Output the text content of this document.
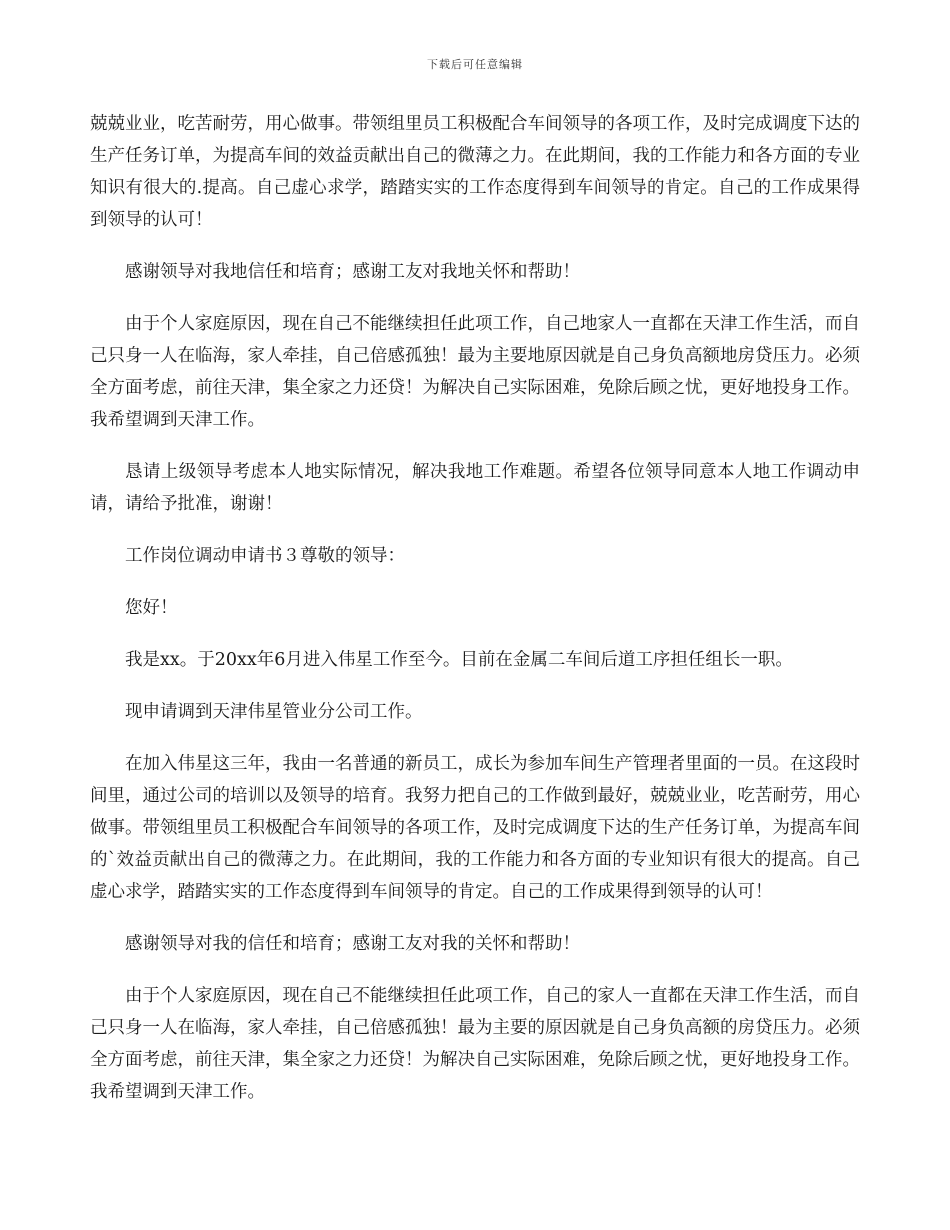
下载后可任意编辑

兢兢业业，吃苦耐劳，用心做事。带领组里员工积极配合车间领导的各项工作，及时完成调度下达的生产任务订单，为提高车间的效益贡献出自己的微薄之力。在此期间，我的工作能力和各方面的专业知识有很大的.提高。自己虚心求学，踏踏实实的工作态度得到车间领导的肯定。自己的工作成果得到领导的认可！

感谢领导对我地信任和培育；感谢工友对我地关怀和帮助！

由于个人家庭原因，现在自己不能继续担任此项工作，自己地家人一直都在天津工作生活，而自己只身一人在临海，家人牵挂，自己倍感孤独！最为主要地原因就是自己身负高额地房贷压力。必须全方面考虑，前往天津，集全家之力还贷！为解决自己实际困难，免除后顾之忧，更好地投身工作。我希望调到天津工作。

恳请上级领导考虑本人地实际情况，解决我地工作难题。希望各位领导同意本人地工作调动申请，请给予批准，谢谢！

工作岗位调动申请书３尊敬的领导：

您好！

我是xx。于20xx年6月进入伟星工作至今。目前在金属二车间后道工序担任组长一职。

现申请调到天津伟星管业分公司工作。

在加入伟星这三年，我由一名普通的新员工，成长为参加车间生产管理者里面的一员。在这段时间里，通过公司的培训以及领导的培育。我努力把自己的工作做到最好，兢兢业业，吃苦耐劳，用心做事。带领组里员工积极配合车间领导的各项工作，及时完成调度下达的生产任务订单，为提高车间的`效益贡献出自己的微薄之力。在此期间，我的工作能力和各方面的专业知识有很大的提高。自己虚心求学，踏踏实实的工作态度得到车间领导的肯定。自己的工作成果得到领导的认可！

感谢领导对我的信任和培育；感谢工友对我的关怀和帮助！

由于个人家庭原因，现在自己不能继续担任此项工作，自己的家人一直都在天津工作生活，而自己只身一人在临海，家人牵挂，自己倍感孤独！最为主要的原因就是自己身负高额的房贷压力。必须全方面考虑，前往天津，集全家之力还贷！为解决自己实际困难，免除后顾之忧，更好地投身工作。我希望调到天津工作。
